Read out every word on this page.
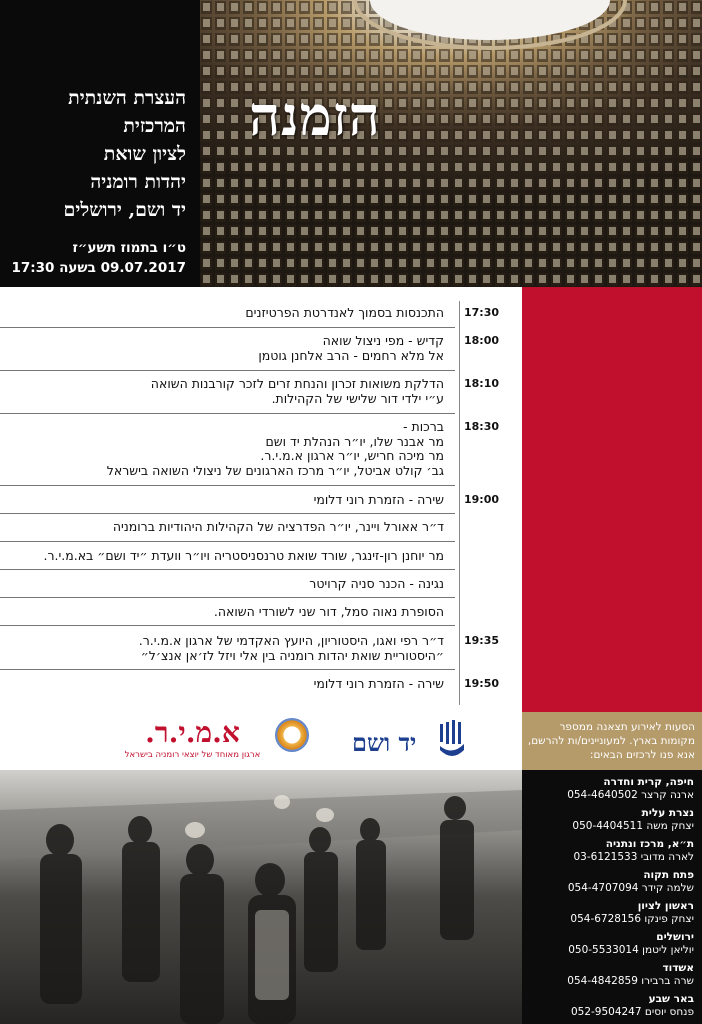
העצרת השנתית
המרכזית
לציון שואת
יהדות רומניה
יד ושם, ירושלים
ט״ו בתמוז תשע״ז
09.07.2017 בשעה 17:30
הזמנה
17:30
התכנסות בסמוך לאנדרטת הפרטיזנים
18:00
קדיש - מפי ניצול שואה
אל מלא רחמים - הרב אלחנן גוטמן
18:10
הדלקת משואות זכרון והנחת זרים לזכר קורבנות השואה
ע״י ילדי דור שלישי של הקהילות.
18:30
ברכות -
מר אבנר שלו, יו״ר הנהלת יד ושם
מר מיכה חריש, יו״ר ארגון א.מ.י.ר.
גב׳ קולט אביטל, יו״ר מרכז הארגונים של ניצולי השואה בישראל
19:00
שירה - הזמרת רוני דלומי
ד״ר אאורל ויינר, יו״ר הפדרציה של הקהילות היהודיות ברומניה
מר יוחנן רון-זינגר, שורד שואת טרנסניסטריה ויו״ר וועדת ״יד ושם״ בא.מ.י.ר.
נגינה - הכנר סניה קרויטר
הסופרת נאוה סמל, דור שני לשורדי השואה.
19:35
ד״ר רפי ואגו, היסטוריון, היועץ האקדמי של ארגון א.מ.י.ר.
״היסטוריית שואת יהדות רומניה בין אלי ויזל לז׳אן אנצ׳ל״
19:50
שירה - הזמרת רוני דלומי
א.מ.י.ר.
ארגון מאוחד של יוצאי רומניה בישראל	יד ושם
הסעות לאירוע תצאנה ממספר מקומות בארץ. למעוניינים/ות להרשם, אנא פנו לרכזים הבאים:
חיפה, קרית וחדרה
ארנה קרצר 054-4640502
נצרת עלית
יצחק משה 050-4404511
ת״א, מרכז ונתניה
לארה מדובי 03-6121533
פתח תקוה
שלמה קידר 054-4707094
ראשון לציון
יצחק פינקו 054-6728156
ירושלים
יוליאן ליטמן 050-5533014
אשדוד
שרה ברבירו 054-4842859
באר שבע
פנחס יוסים 052-9504247
